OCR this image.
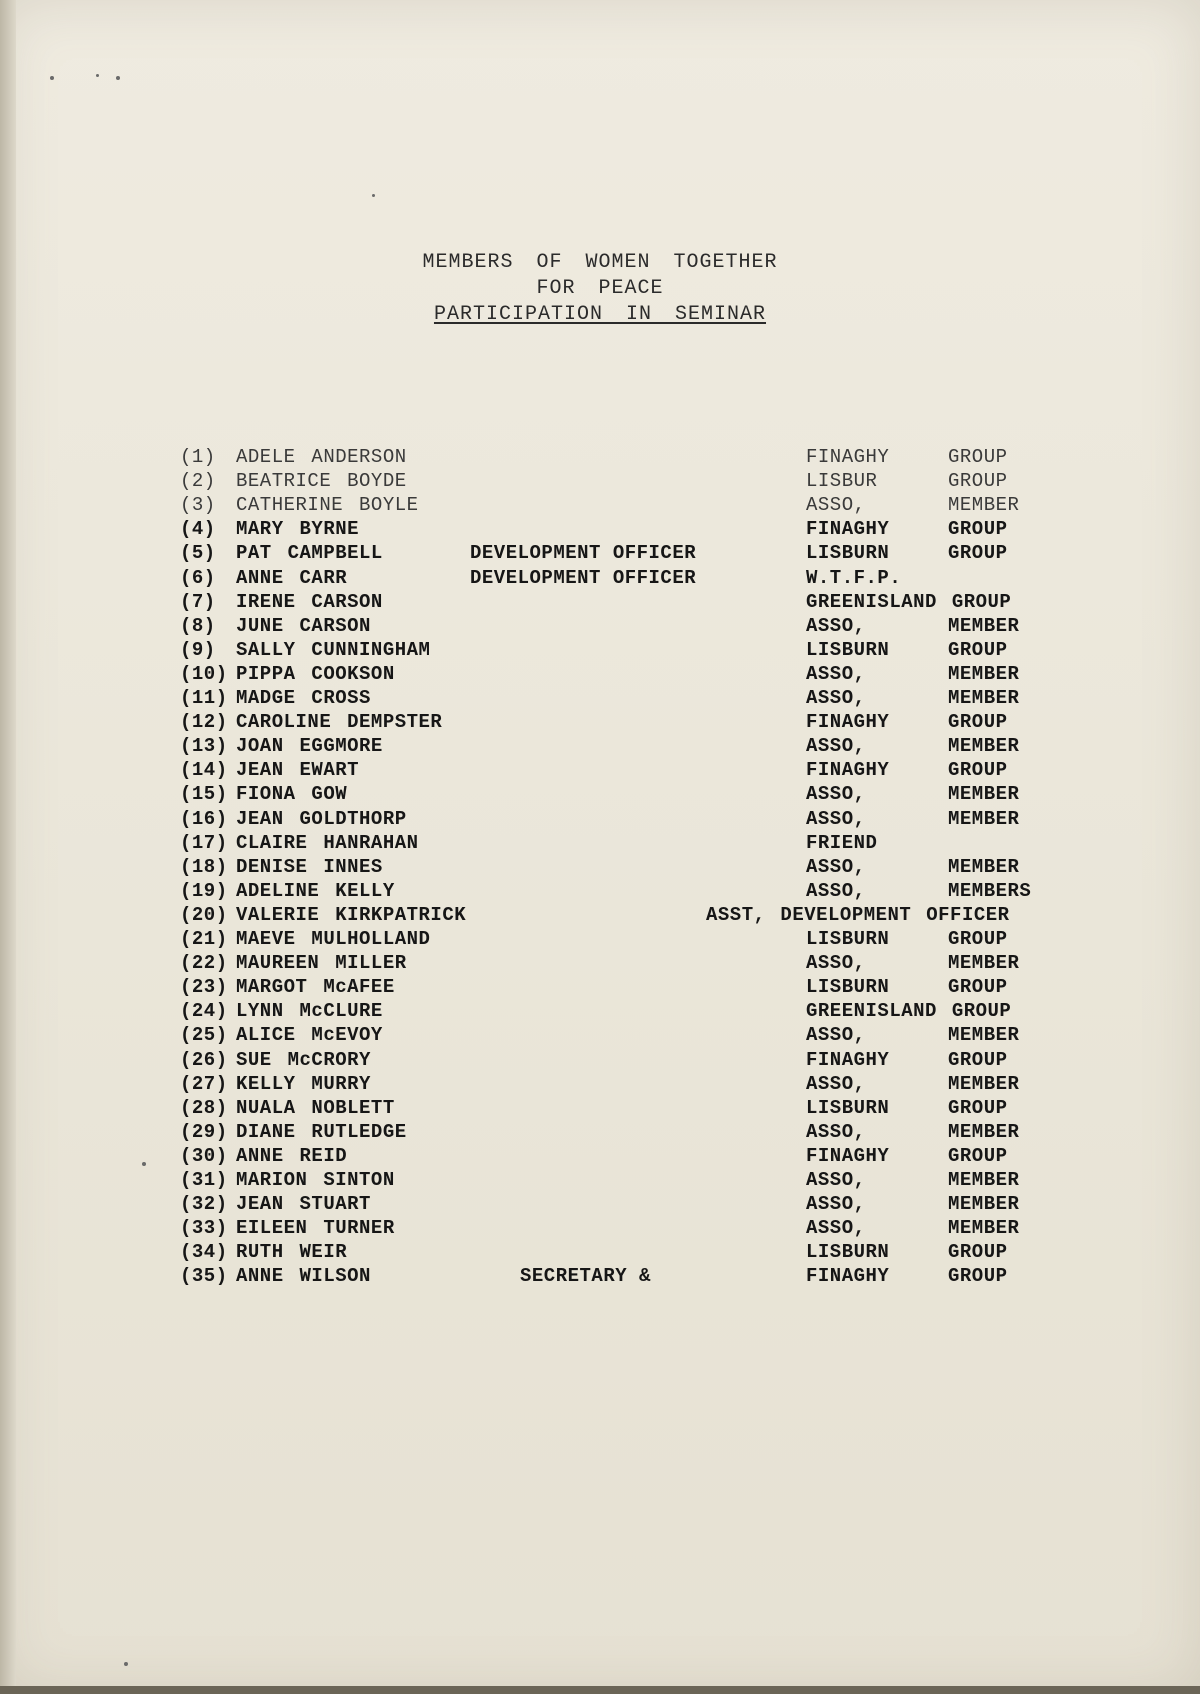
MEMBERS OF WOMEN TOGETHER
FOR PEACE
PARTICIPATION IN SEMINAR
(1) ADELE ANDERSON	FINAGHY	GROUP
(2) BEATRICE BOYDE	LISBUR	GROUP
(3) CATHERINE BOYLE	ASSO,	MEMBER
(4) MARY BYRNE	FINAGHY	GROUP
(5) PAT CAMPBELL	DEVELOPMENT OFFICER	LISBURN	GROUP
(6) ANNE CARR	DEVELOPMENT OFFICER	W.T.F.P.
(7) IRENE CARSON	GREENISLAND GROUP
(8) JUNE CARSON	ASSO,	MEMBER
(9) SALLY CUNNINGHAM	LISBURN	GROUP
(10) PIPPA COOKSON	ASSO,	MEMBER
(11) MADGE CROSS	ASSO,	MEMBER
(12) CAROLINE DEMPSTER	FINAGHY	GROUP
(13) JOAN EGGMORE	ASSO,	MEMBER
(14) JEAN EWART	FINAGHY	GROUP
(15) FIONA GOW	ASSO,	MEMBER
(16) JEAN GOLDTHORP	ASSO,	MEMBER
(17) CLAIRE HANRAHAN	FRIEND
(18) DENISE INNES	ASSO,	MEMBER
(19) ADELINE KELLY	ASSO,	MEMBERS
(20) VALERIE KIRKPATRICK	ASST, DEVELOPMENT OFFICER
(21) MAEVE MULHOLLAND	LISBURN	GROUP
(22) MAUREEN MILLER	ASSO,	MEMBER
(23) MARGOT McAFEE	LISBURN	GROUP
(24) LYNN McCLURE	GREENISLAND GROUP
(25) ALICE McEVOY	ASSO,	MEMBER
(26) SUE McCRORY	FINAGHY	GROUP
(27) KELLY MURRY	ASSO,	MEMBER
(28) NUALA NOBLETT	LISBURN	GROUP
(29) DIANE RUTLEDGE	ASSO,	MEMBER
(30) ANNE REID	FINAGHY	GROUP
(31) MARION SINTON	ASSO,	MEMBER
(32) JEAN STUART	ASSO,	MEMBER
(33) EILEEN TURNER	ASSO,	MEMBER
(34) RUTH WEIR	LISBURN	GROUP
(35) ANNE WILSON	SECRETARY &	FINAGHY	GROUP
